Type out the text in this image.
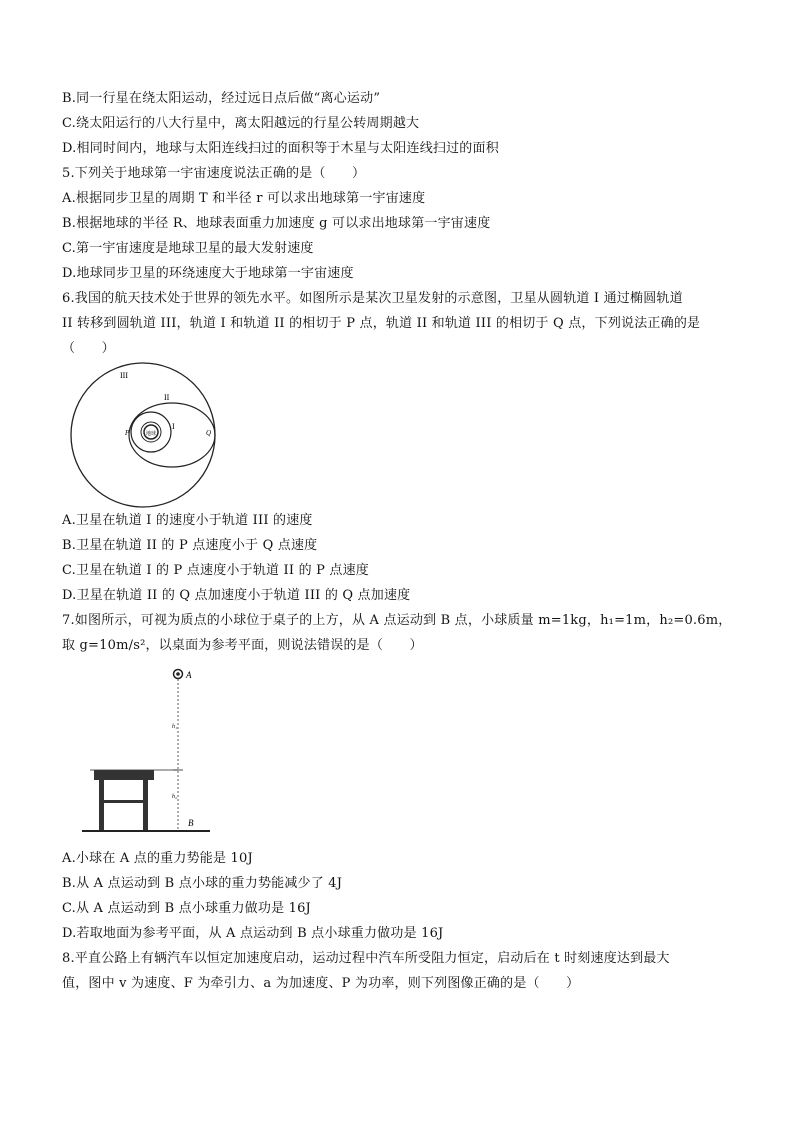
B.同一行星在绕太阳运动，经过远日点后做“离心运动”
C.绕太阳运行的八大行星中，离太阳越远的行星公转周期越大
D.相同时间内，地球与太阳连线扫过的面积等于木星与太阳连线扫过的面积
5.下列关于地球第一宇宙速度说法正确的是（　　）
A.根据同步卫星的周期 T 和半径 r 可以求出地球第一宇宙速度
B.根据地球的半径 R、地球表面重力加速度 g 可以求出地球第一宇宙速度
C.第一宇宙速度是地球卫星的最大发射速度
D.地球同步卫星的环绕速度大于地球第一宇宙速度
6.我国的航天技术处于世界的领先水平。如图所示是某次卫星发射的示意图，卫星从圆轨道 I 通过椭圆轨道
II 转移到圆轨道 III，轨道 I 和轨道 II 的相切于 P 点，轨道 II 和轨道 III 的相切于 Q 点，下列说法正确的是
（　　）
地球
III
II
I
P	Q
A.卫星在轨道 I 的速度小于轨道 III 的速度
B.卫星在轨道 II 的 P 点速度小于 Q 点速度
C.卫星在轨道 I 的 P 点速度小于轨道 II 的 P 点速度
D.卫星在轨道 II 的 Q 点加速度小于轨道 III 的 Q 点加速度
7.如图所示，可视为质点的小球位于桌子的上方，从 A 点运动到 B 点，小球质量 m=1kg，h₁=1m，h₂=0.6m，
取 g=10m/s²，以桌面为参考平面，则说法错误的是（　　）
A
h₁
h₂
B
A.小球在 A 点的重力势能是 10J
B.从 A 点运动到 B 点小球的重力势能减少了 4J
C.从 A 点运动到 B 点小球重力做功是 16J
D.若取地面为参考平面，从 A 点运动到 B 点小球重力做功是 16J
8.平直公路上有辆汽车以恒定加速度启动，运动过程中汽车所受阻力恒定，启动后在 t 时刻速度达到最大
值，图中 v 为速度、F 为牵引力、a 为加速度、P 为功率，则下列图像正确的是（　　）
